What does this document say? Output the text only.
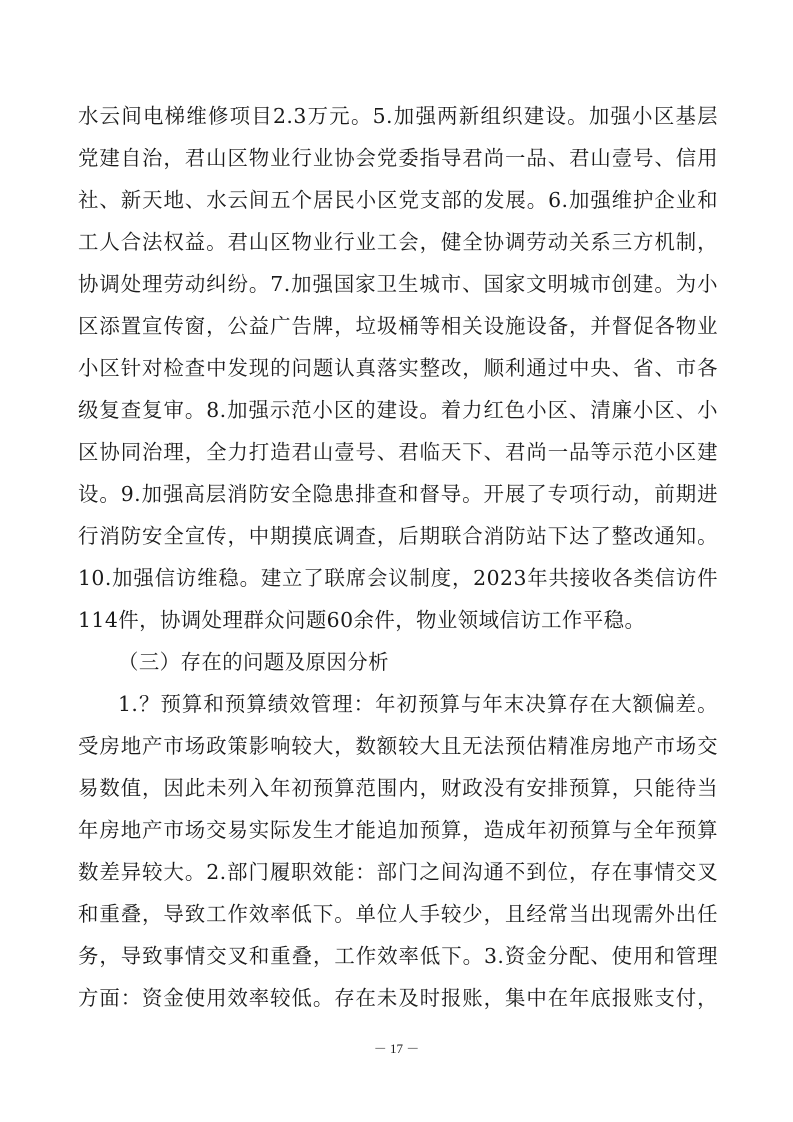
水云间电梯维修项目2.3万元。5.加强两新组织建设。加强小区基层
党建自治，君山区物业行业协会党委指导君尚一品、君山壹号、信用
社、新天地、水云间五个居民小区党支部的发展。6.加强维护企业和
工人合法权益。君山区物业行业工会，健全协调劳动关系三方机制，
协调处理劳动纠纷。7.加强国家卫生城市、国家文明城市创建。为小
区添置宣传窗，公益广告牌，垃圾桶等相关设施设备，并督促各物业
小区针对检查中发现的问题认真落实整改，顺利通过中央、省、市各
级复查复审。8.加强示范小区的建设。着力红色小区、清廉小区、小
区协同治理，全力打造君山壹号、君临天下、君尚一品等示范小区建
设。9.加强高层消防安全隐患排查和督导。开展了专项行动，前期进
行消防安全宣传，中期摸底调查，后期联合消防站下达了整改通知。
10.加强信访维稳。建立了联席会议制度，2023年共接收各类信访件
114件，协调处理群众问题60余件，物业领域信访工作平稳。
（三）存在的问题及原因分析
1.？预算和预算绩效管理：年初预算与年末决算存在大额偏差。
受房地产市场政策影响较大，数额较大且无法预估精准房地产市场交
易数值，因此未列入年初预算范围内，财政没有安排预算，只能待当
年房地产市场交易实际发生才能追加预算，造成年初预算与全年预算
数差异较大。2.部门履职效能：部门之间沟通不到位，存在事情交叉
和重叠，导致工作效率低下。单位人手较少，且经常当出现需外出任
务，导致事情交叉和重叠，工作效率低下。3.资金分配、使用和管理
方面：资金使用效率较低。存在未及时报账，集中在年底报账支付，
－ 17 －
